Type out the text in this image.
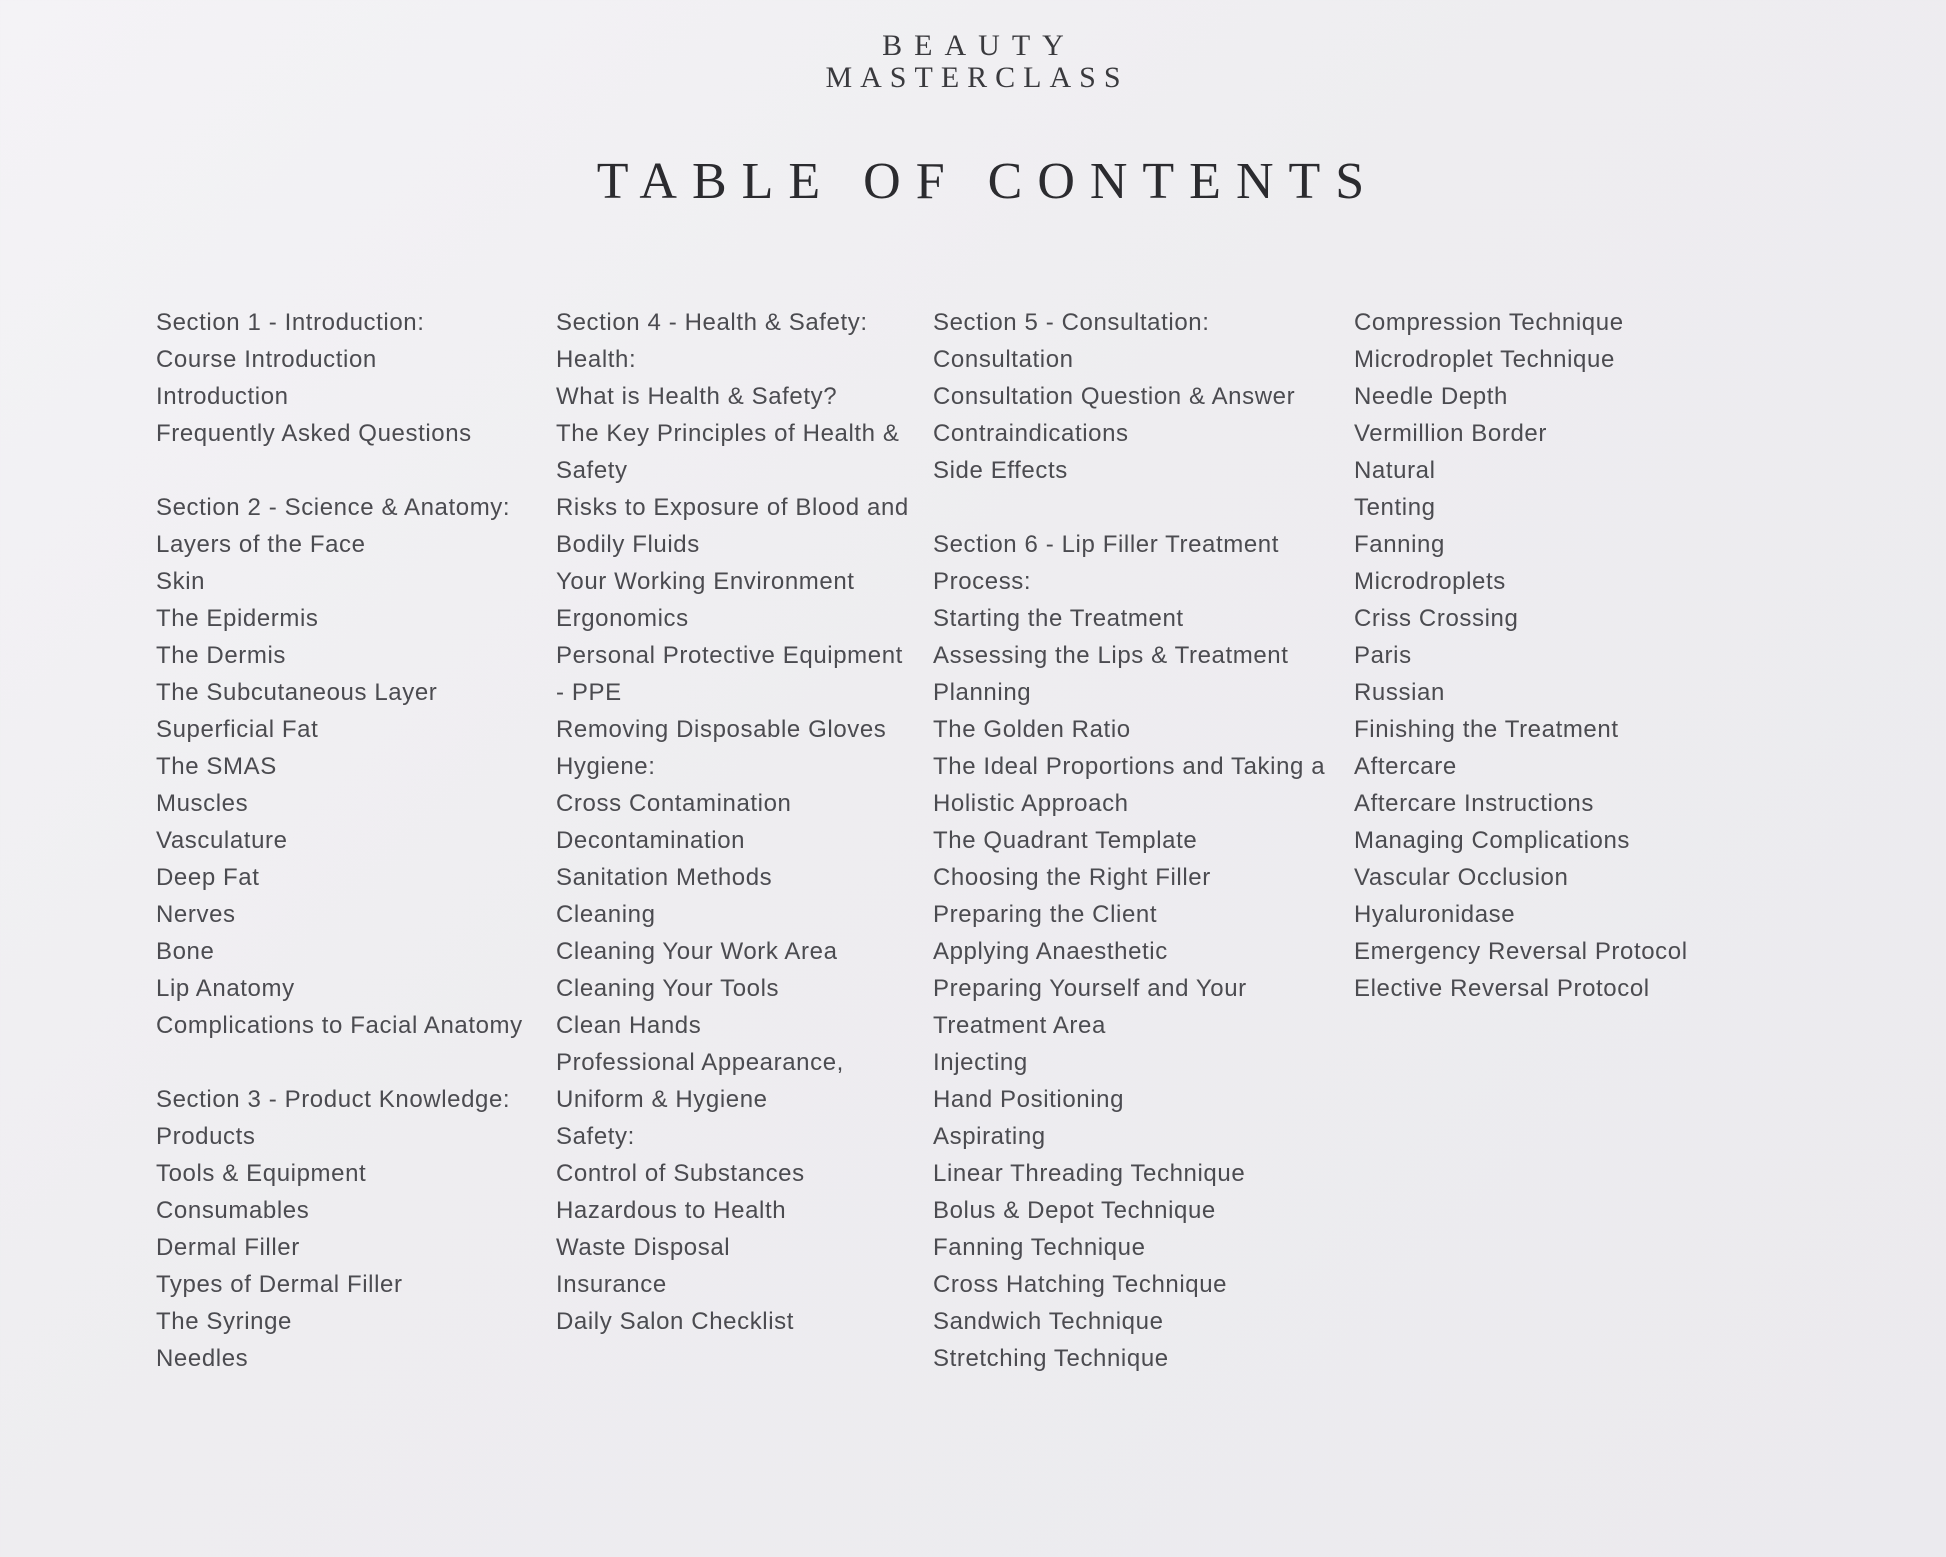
BEAUTY
MASTERCLASS
TABLE OF CONTENTS
Section 1 - Introduction:
Course Introduction
Introduction
Frequently Asked Questions
Section 2 - Science & Anatomy:
Layers of the Face
Skin
The Epidermis
The Dermis
The Subcutaneous Layer
Superficial Fat
The SMAS
Muscles
Vasculature
Deep Fat
Nerves
Bone
Lip Anatomy
Complications to Facial Anatomy
Section 3 - Product Knowledge:
Products
Tools & Equipment
Consumables
Dermal Filler
Types of Dermal Filler
The Syringe
Needles
Section 4 - Health & Safety:
Health:
What is Health & Safety?
The Key Principles of Health &
Safety
Risks to Exposure of Blood and
Bodily Fluids
Your Working Environment
Ergonomics
Personal Protective Equipment
- PPE
Removing Disposable Gloves
Hygiene:
Cross Contamination
Decontamination
Sanitation Methods
Cleaning
Cleaning Your Work Area
Cleaning Your Tools
Clean Hands
Professional Appearance,
Uniform & Hygiene
Safety:
Control of Substances
Hazardous to Health
Waste Disposal
Insurance
Daily Salon Checklist
Section 5 - Consultation:
Consultation
Consultation Question & Answer
Contraindications
Side Effects
Section 6 - Lip Filler Treatment
Process:
Starting the Treatment
Assessing the Lips & Treatment
Planning
The Golden Ratio
The Ideal Proportions and Taking a
Holistic Approach
The Quadrant Template
Choosing the Right Filler
Preparing the Client
Applying Anaesthetic
Preparing Yourself and Your
Treatment Area
Injecting
Hand Positioning
Aspirating
Linear Threading Technique
Bolus & Depot Technique
Fanning Technique
Cross Hatching Technique
Sandwich Technique
Stretching Technique
Compression Technique
Microdroplet Technique
Needle Depth
Vermillion Border
Natural
Tenting
Fanning
Microdroplets
Criss Crossing
Paris
Russian
Finishing the Treatment
Aftercare
Aftercare Instructions
Managing Complications
Vascular Occlusion
Hyaluronidase
Emergency Reversal Protocol
Elective Reversal Protocol
